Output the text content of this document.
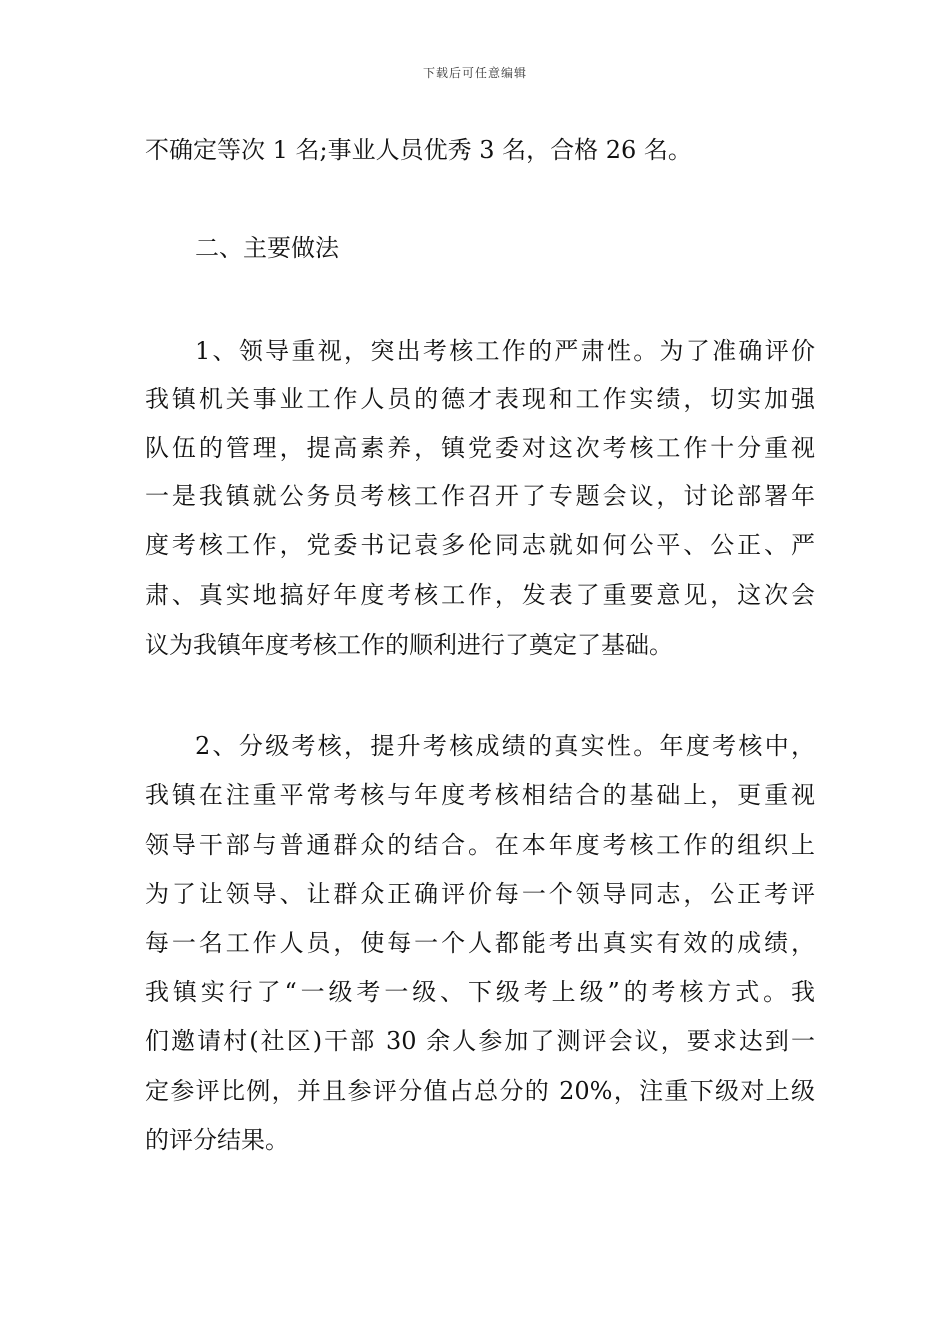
下载后可任意编辑
不确定等次 1 名;事业人员优秀 3 名，合格 26 名。
二、主要做法
1、领导重视，突出考核工作的严肃性。为了准确评价
我镇机关事业工作人员的德才表现和工作实绩，切实加强
队伍的管理，提高素养，镇党委对这次考核工作十分重视
一是我镇就公务员考核工作召开了专题会议，讨论部署年
度考核工作，党委书记袁多伦同志就如何公平、公正、严
肃、真实地搞好年度考核工作，发表了重要意见，这次会
议为我镇年度考核工作的顺利进行了奠定了基础。
2、分级考核，提升考核成绩的真实性。年度考核中，
我镇在注重平常考核与年度考核相结合的基础上，更重视
领导干部与普通群众的结合。在本年度考核工作的组织上
为了让领导、让群众正确评价每一个领导同志，公正考评
每一名工作人员，使每一个人都能考出真实有效的成绩，
我镇实行了“一级考一级、下级考上级”的考核方式。我
们邀请村(社区)干部 30 余人参加了测评会议，要求达到一
定参评比例，并且参评分值占总分的 20%，注重下级对上级
的评分结果。
